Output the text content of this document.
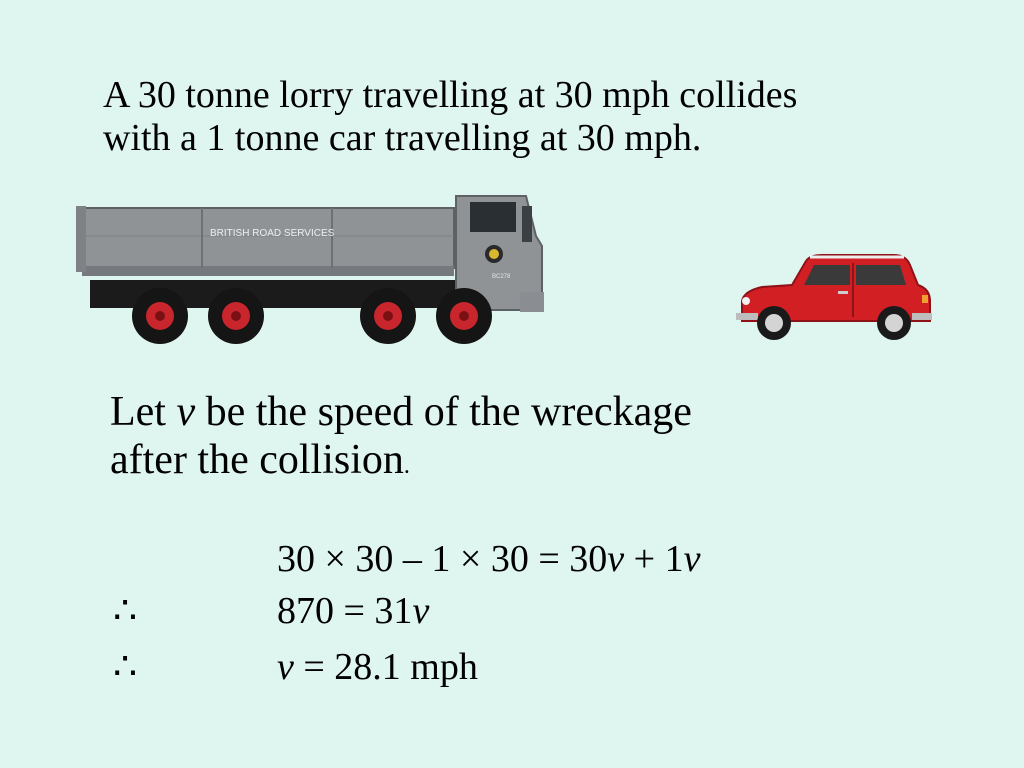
A 30 tonne lorry travelling at 30 mph collides
with a 1 tonne car travelling at 30 mph.

BRITISH ROAD SERVICES
BC278

Let v be the speed of the wreckage
after the collision.

30 × 30 – 1 × 30 = 30v + 1v
∴	870 = 31v
∴	v = 28.1 mph
